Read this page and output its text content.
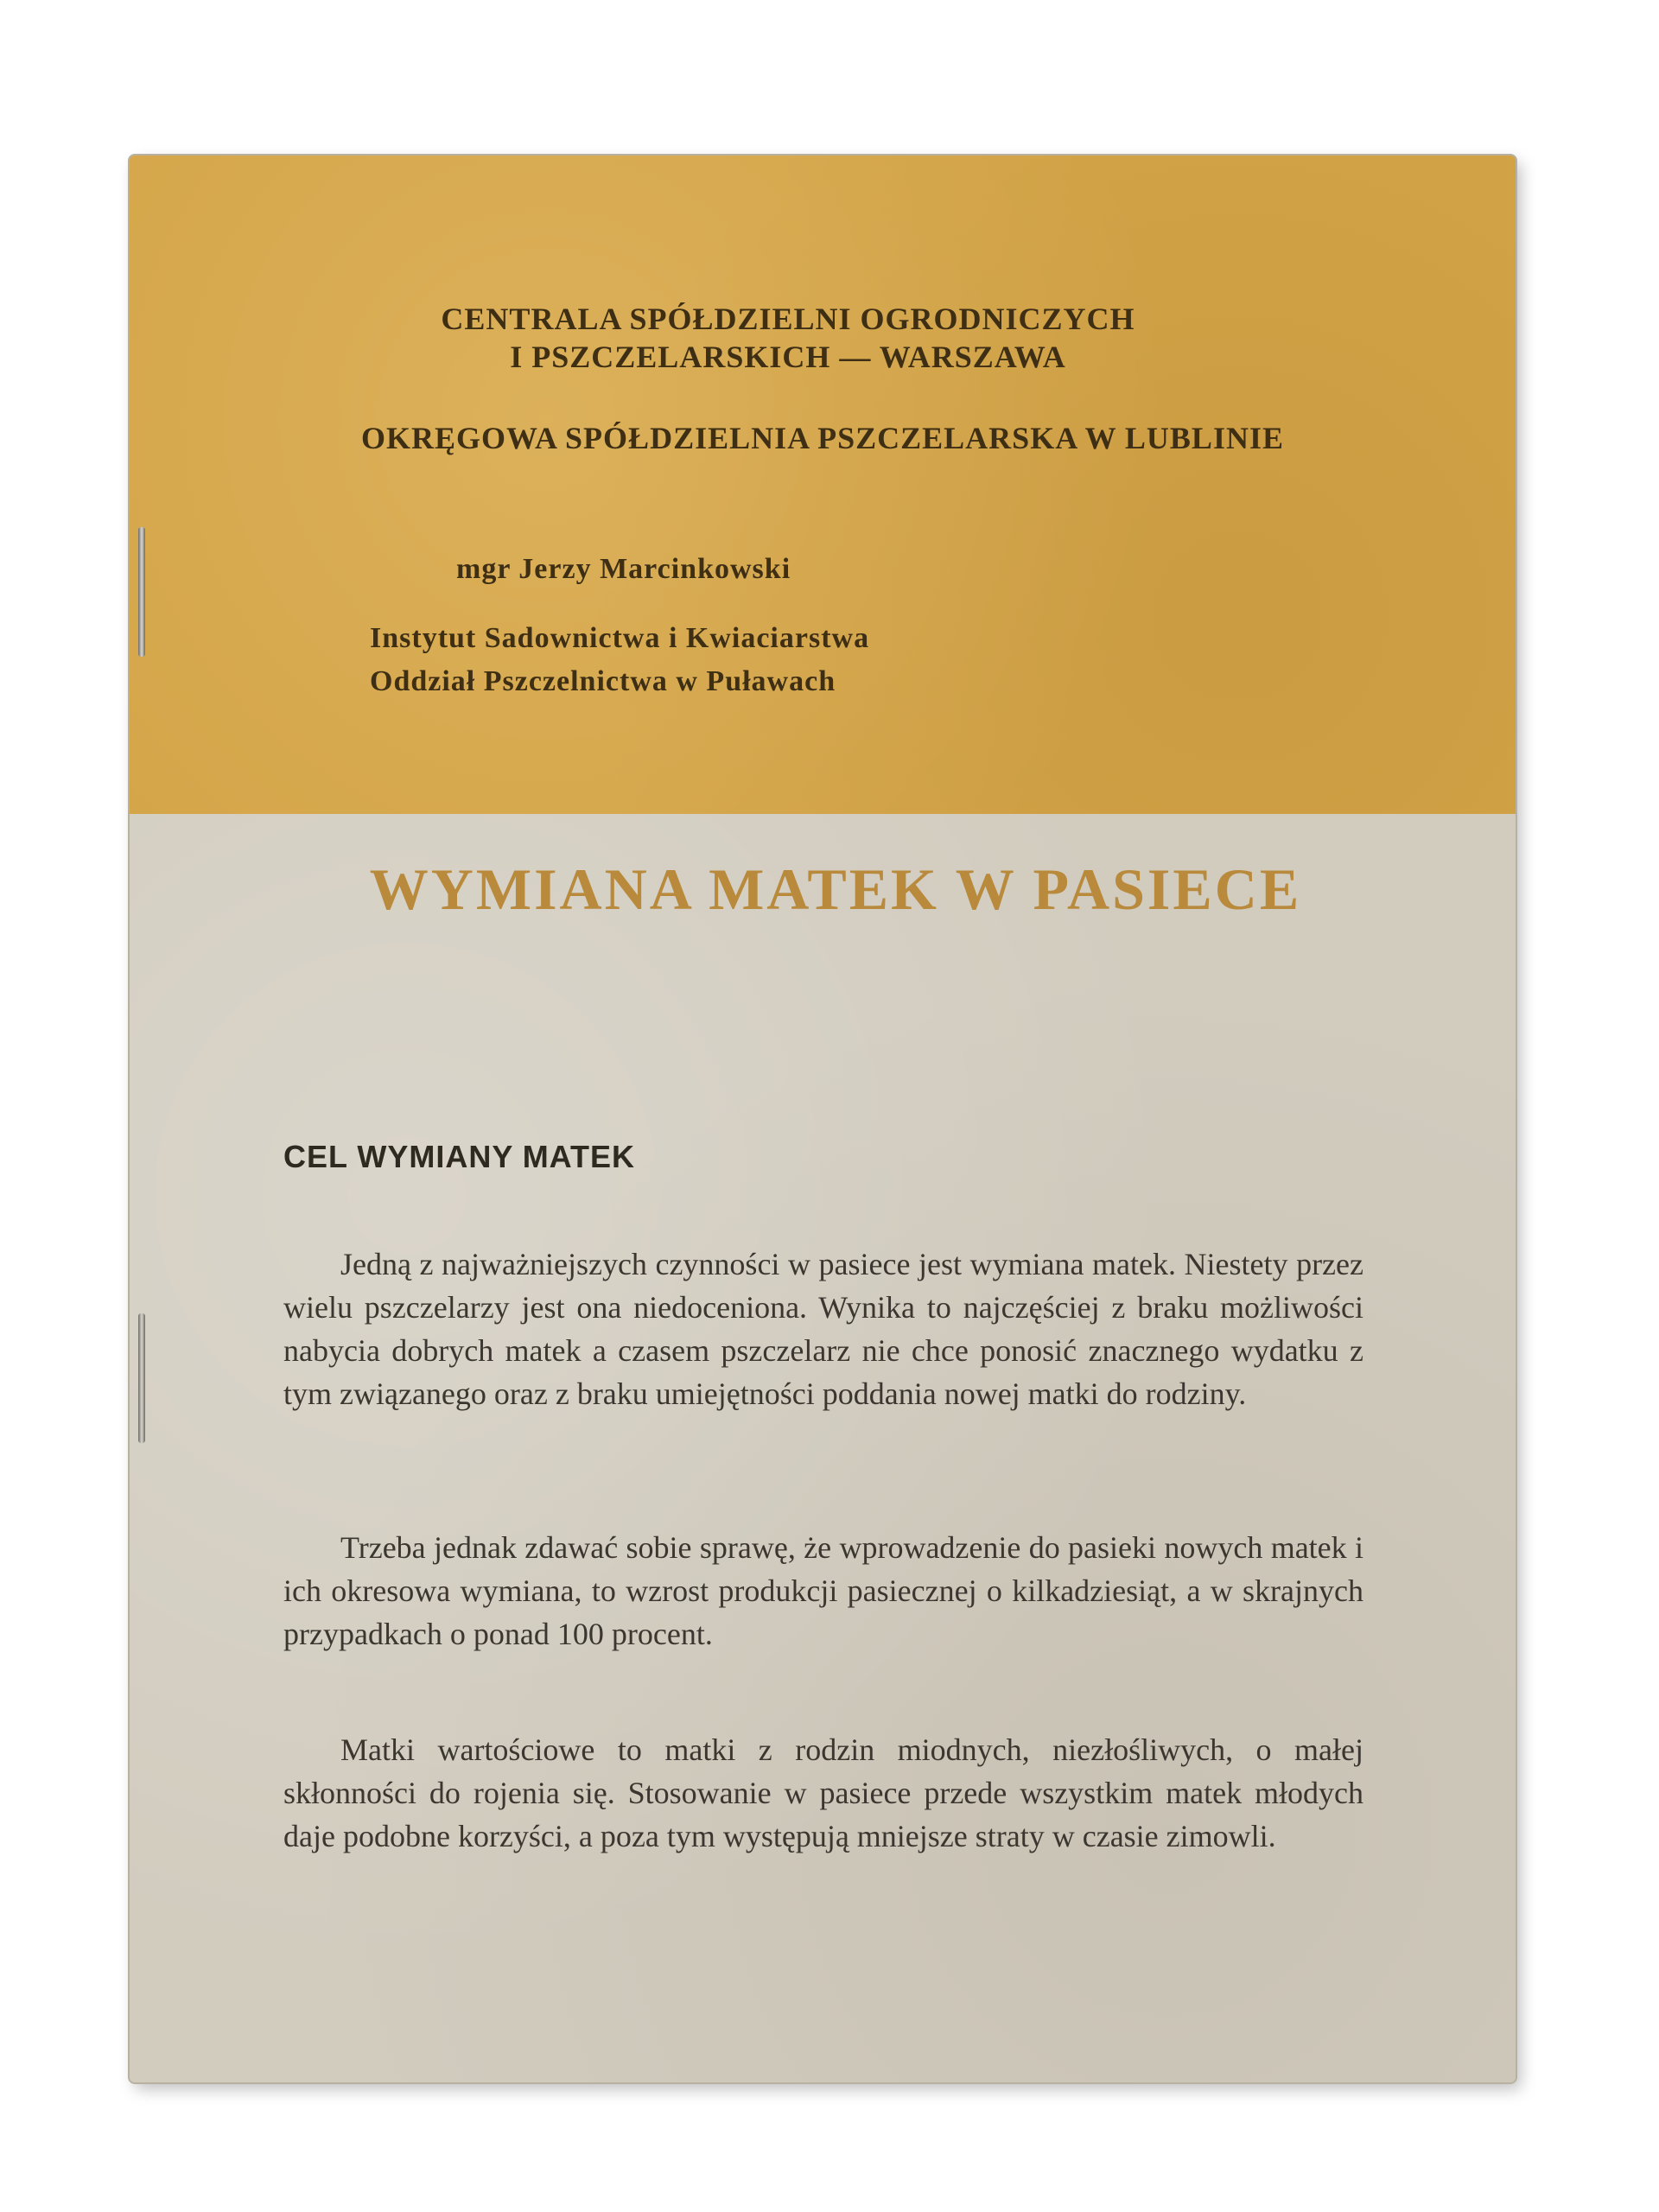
CENTRALA SPÓŁDZIELNI OGRODNICZYCH
I PSZCZELARSKICH — WARSZAWA
OKRĘGOWA SPÓŁDZIELNIA PSZCZELARSKA W LUBLINIE
mgr Jerzy Marcinkowski
Instytut Sadownictwa i Kwiaciarstwa
Oddział Pszczelnictwa w Puławach
WYMIANA MATEK W PASIECE
CEL WYMIANY MATEK

Jedną z najważniejszych czynności w pasiece jest wymiana matek. Niestety przez wielu pszczelarzy jest ona niedoceniona. Wynika to najczęściej z braku możliwości nabycia dobrych matek a czasem pszczelarz nie chce ponosić znacznego wydatku z tym związanego oraz z braku umiejętności poddania nowej matki do rodziny.

Trzeba jednak zdawać sobie sprawę, że wprowadzenie do pasieki nowych matek i ich okresowa wymiana, to wzrost produkcji pasiecznej o kilkadziesiąt, a w skrajnych przypadkach o ponad 100 procent.

Matki wartościowe to matki z rodzin miodnych, niezłośliwych, o małej skłonności do rojenia się. Stosowanie w pasiece przede wszystkim matek młodych daje podobne korzyści, a poza tym występują mniejsze straty w czasie zimowli.
